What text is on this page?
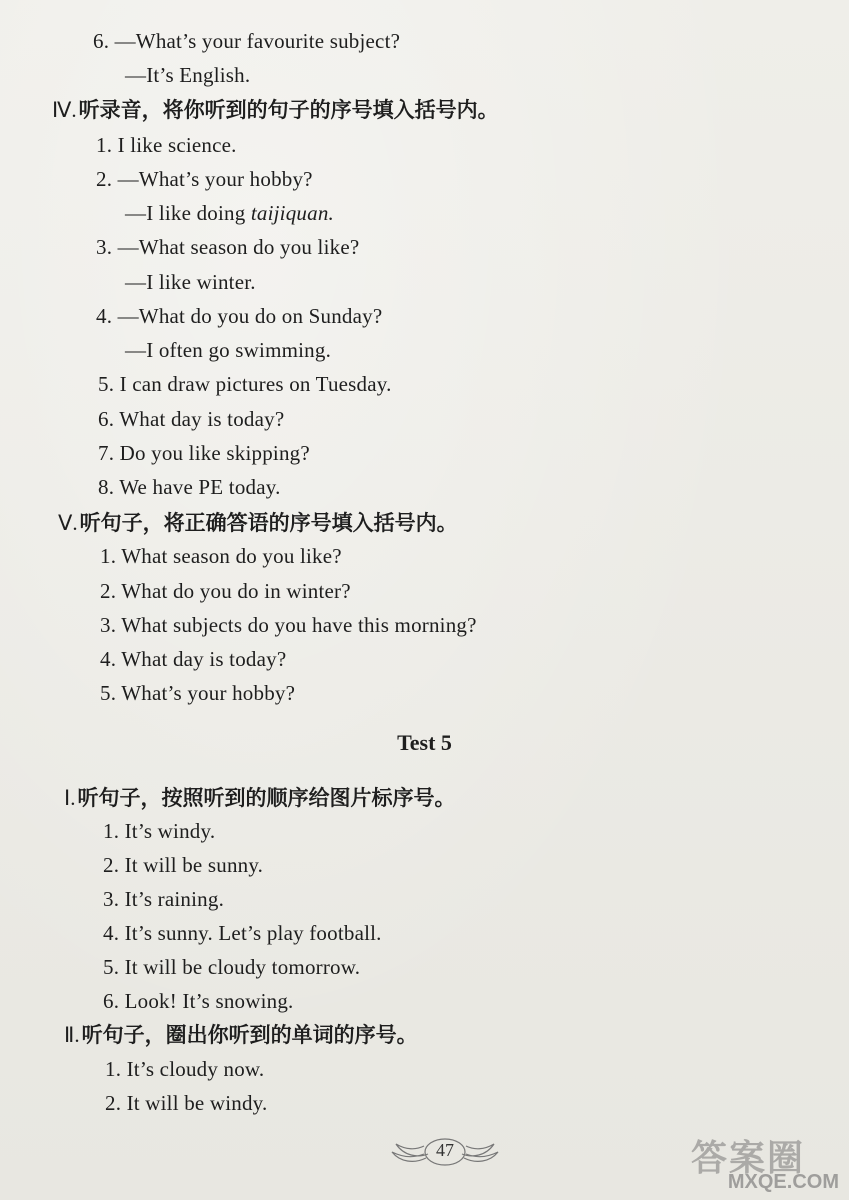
6. —What’s your favourite subject?
—It’s English.
Ⅳ.听录音，将你听到的句子的序号填入括号内。
1. I like science.
2. —What’s your hobby?
—I like doing taijiquan.
3. —What season do you like?
—I like winter.
4. —What do you do on Sunday?
—I often go swimming.
5. I can draw pictures on Tuesday.
6. What day is today?
7. Do you like skipping?
8. We have PE today.
Ⅴ.听句子，将正确答语的序号填入括号内。
1. What season do you like?
2. What do you do in winter?
3. What subjects do you have this morning?
4. What day is today?
5. What’s your hobby?
Test 5
Ⅰ.听句子，按照听到的顺序给图片标序号。
1. It’s windy.
2. It will be sunny.
3. It’s raining.
4. It’s sunny. Let’s play football.
5. It will be cloudy tomorrow.
6. Look! It’s snowing.
Ⅱ.听句子，圈出你听到的单词的序号。
1. It’s cloudy now.
2. It will be windy.
47	答案圈
MXQE.COM
